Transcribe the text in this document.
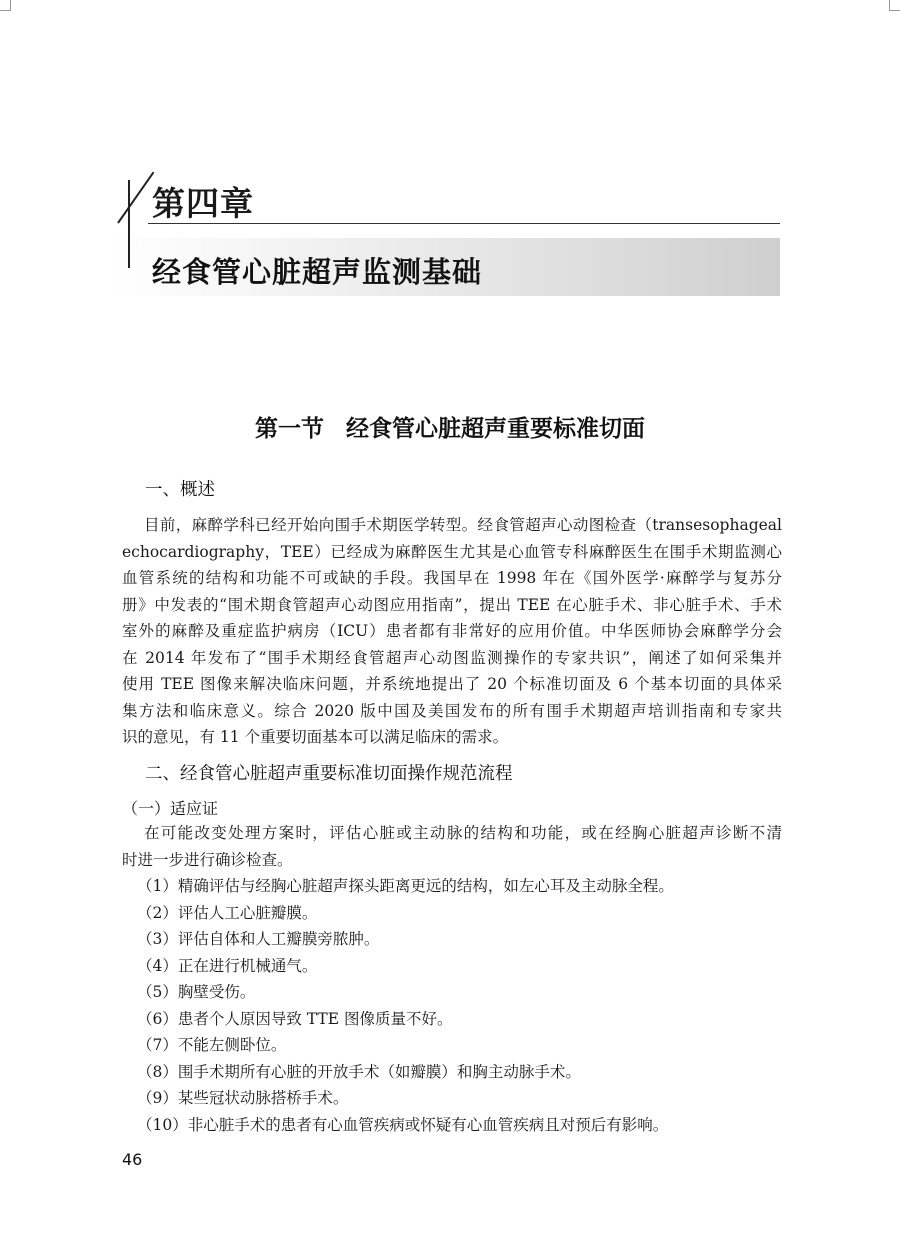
第四章
经食管心脏超声监测基础
第一节 经食管心脏超声重要标准切面
一、概述
目前，麻醉学科已经开始向围手术期医学转型。经食管超声心动图检查（transesophageal
echocardiography，TEE）已经成为麻醉医生尤其是心血管专科麻醉医生在围手术期监测心
血管系统的结构和功能不可或缺的手段。我国早在 1998 年在《国外医学·麻醉学与复苏分
册》中发表的“围术期食管超声心动图应用指南”，提出 TEE 在心脏手术、非心脏手术、手术
室外的麻醉及重症监护病房（ICU）患者都有非常好的应用价值。中华医师协会麻醉学分会
在 2014 年发布了“围手术期经食管超声心动图监测操作的专家共识”，阐述了如何采集并
使用 TEE 图像来解决临床问题，并系统地提出了 20 个标准切面及 6 个基本切面的具体采
集方法和临床意义。综合 2020 版中国及美国发布的所有围手术期超声培训指南和专家共
识的意见，有 11 个重要切面基本可以满足临床的需求。
二、经食管心脏超声重要标准切面操作规范流程
（一）适应证
在可能改变处理方案时，评估心脏或主动脉的结构和功能，或在经胸心脏超声诊断不清
时进一步进行确诊检查。
（1）精确评估与经胸心脏超声探头距离更远的结构，如左心耳及主动脉全程。
（2）评估人工心脏瓣膜。
（3）评估自体和人工瓣膜旁脓肿。
（4）正在进行机械通气。
（5）胸壁受伤。
（6）患者个人原因导致 TTE 图像质量不好。
（7）不能左侧卧位。
（8）围手术期所有心脏的开放手术（如瓣膜）和胸主动脉手术。
（9）某些冠状动脉搭桥手术。
（10）非心脏手术的患者有心血管疾病或怀疑有心血管疾病且对预后有影响。
46
